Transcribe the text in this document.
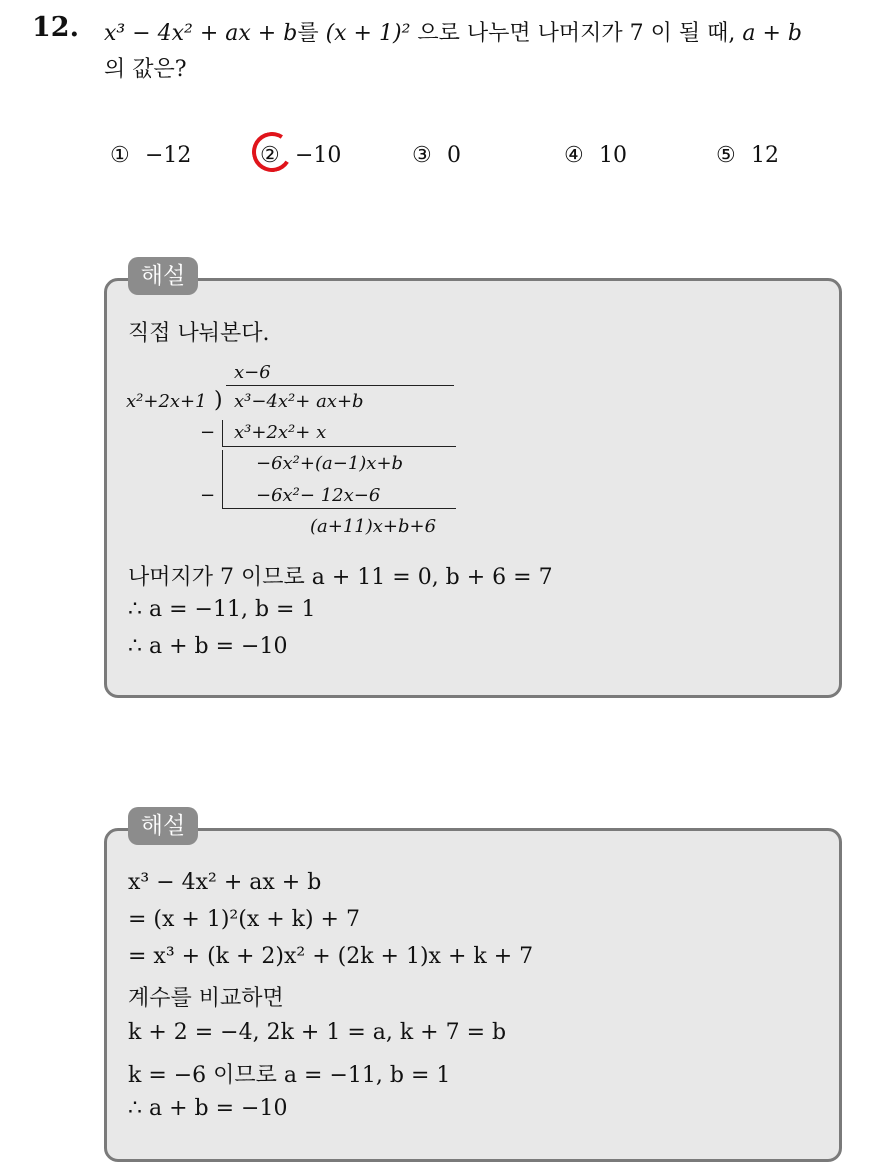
12. x³ − 4x² + ax + b를 (x + 1)² 으로 나누면 나머지가 7 이 될 때, a + b
의 값은?
① −12	② −10	③ 0	④ 10	⑤ 12
해설
직접 나눠본다.
x−6
x²+2x+1 ) x³−4x²+ ax+b
− x³+2x²+ x
−6x²+(a−1)x+b
− −6x²− 12x−6
(a+11)x+b+6
나머지가 7 이므로 a + 11 = 0, b + 6 = 7
∴ a = −11, b = 1
∴ a + b = −10
해설
x³ − 4x² + ax + b
= (x + 1)²(x + k) + 7
= x³ + (k + 2)x² + (2k + 1)x + k + 7
계수를 비교하면
k + 2 = −4, 2k + 1 = a, k + 7 = b
k = −6 이므로 a = −11, b = 1
∴ a + b = −10
